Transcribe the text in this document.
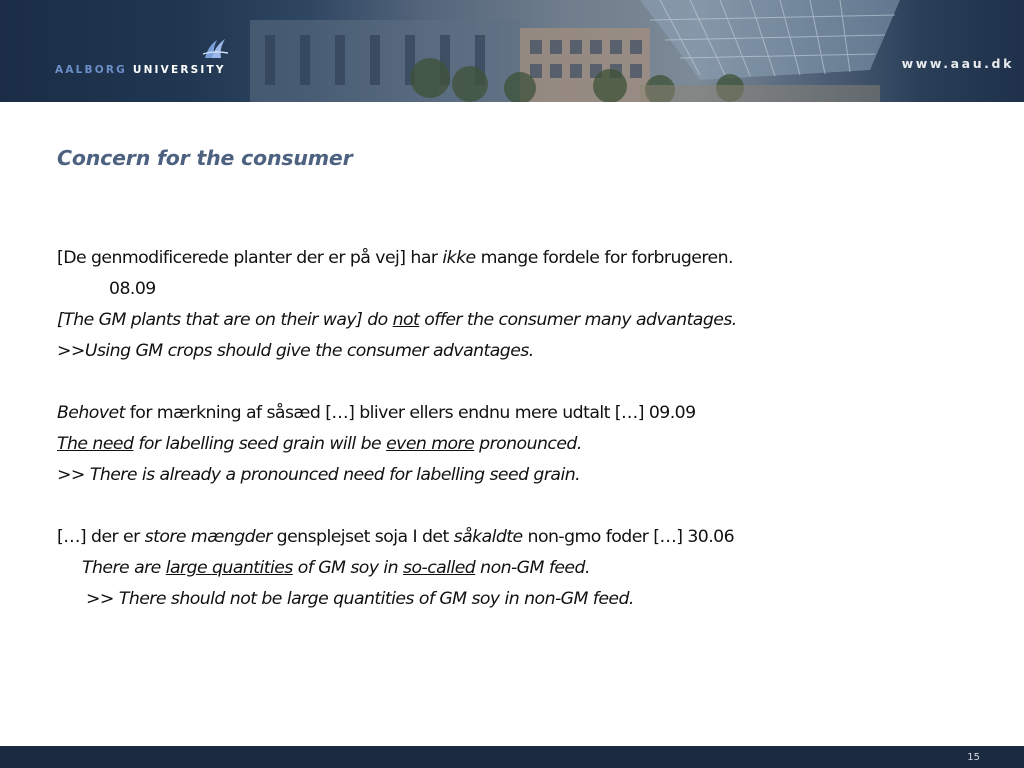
AALBORG UNIVERSITY	www.aau.dk
Concern for the consumer
[De genmodificerede planter der er på vej] har ikke mange fordele for forbrugeren.
08.09
[The GM plants that are on their way] do not offer the consumer many advantages.
>>Using GM crops should give the consumer advantages.
Behovet for mærkning af såsæd […] bliver ellers endnu mere udtalt […] 09.09
The need for labelling seed grain will be even more pronounced.
>> There is already a pronounced need for labelling seed grain.
[…] der er store mængder gensplejset soja I det såkaldte non-gmo foder […] 30.06
There are large quantities of GM soy in so-called non-GM feed.
>> There should not be large quantities of GM soy in non-GM feed.
15
